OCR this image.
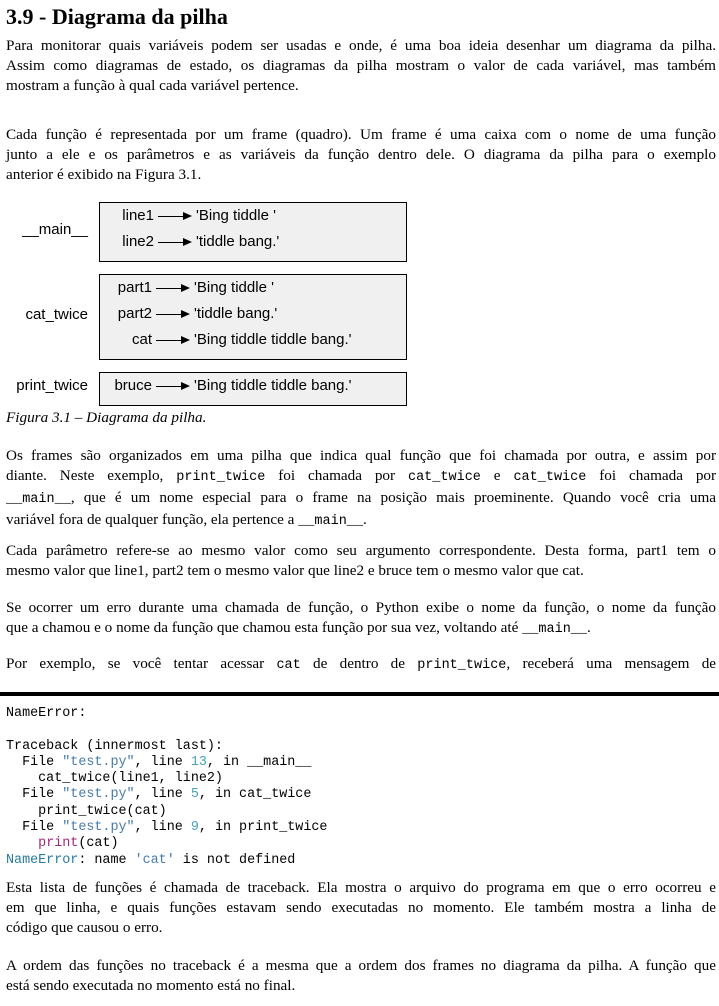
3.9 - Diagrama da pilha

Para monitorar quais variáveis podem ser usadas e onde, é uma boa ideia desenhar um diagrama da pilha.
Assim como diagramas de estado, os diagramas da pilha mostram o valor de cada variável, mas também
mostram a função à qual cada variável pertence.

Cada função é representada por um frame (quadro). Um frame é uma caixa com o nome de uma função
junto a ele e os parâmetros e as variáveis da função dentro dele. O diagrama da pilha para o exemplo
anterior é exibido na Figura 3.1.

__main__
line1	'Bing tiddle '
line2	'tiddle bang.'
cat_twice
part1	'Bing tiddle '
part2	'tiddle bang.'
cat	'Bing tiddle tiddle bang.'
print_twice bruce	'Bing tiddle tiddle bang.'
Figura 3.1 – Diagrama da pilha.

Os frames são organizados em uma pilha que indica qual função que foi chamada por outra, e assim por
diante. Neste exemplo, print_twice foi chamada por cat_twice e cat_twice foi chamada por
__main__, que é um nome especial para o frame na posição mais proeminente. Quando você cria uma
variável fora de qualquer função, ela pertence a __main__.

Cada parâmetro refere-se ao mesmo valor como seu argumento correspondente. Desta forma, part1 tem o
mesmo valor que line1, part2 tem o mesmo valor que line2 e bruce tem o mesmo valor que cat.

Se ocorrer um erro durante uma chamada de função, o Python exibe o nome da função, o nome da função
que a chamou e o nome da função que chamou esta função por sua vez, voltando até __main__.

Por exemplo, se você tentar acessar cat de dentro de print_twice, receberá uma mensagem de

NameError:

Traceback (innermost last):
File "test.py", line 13, in __main__
cat_twice(line1, line2)
File "test.py", line 5, in cat_twice
print_twice(cat)
File "test.py", line 9, in print_twice
print(cat)
NameError: name 'cat' is not defined

Esta lista de funções é chamada de traceback. Ela mostra o arquivo do programa em que o erro ocorreu e
em que linha, e quais funções estavam sendo executadas no momento. Ele também mostra a linha de
código que causou o erro.

A ordem das funções no traceback é a mesma que a ordem dos frames no diagrama da pilha. A função que
está sendo executada no momento está no final.
